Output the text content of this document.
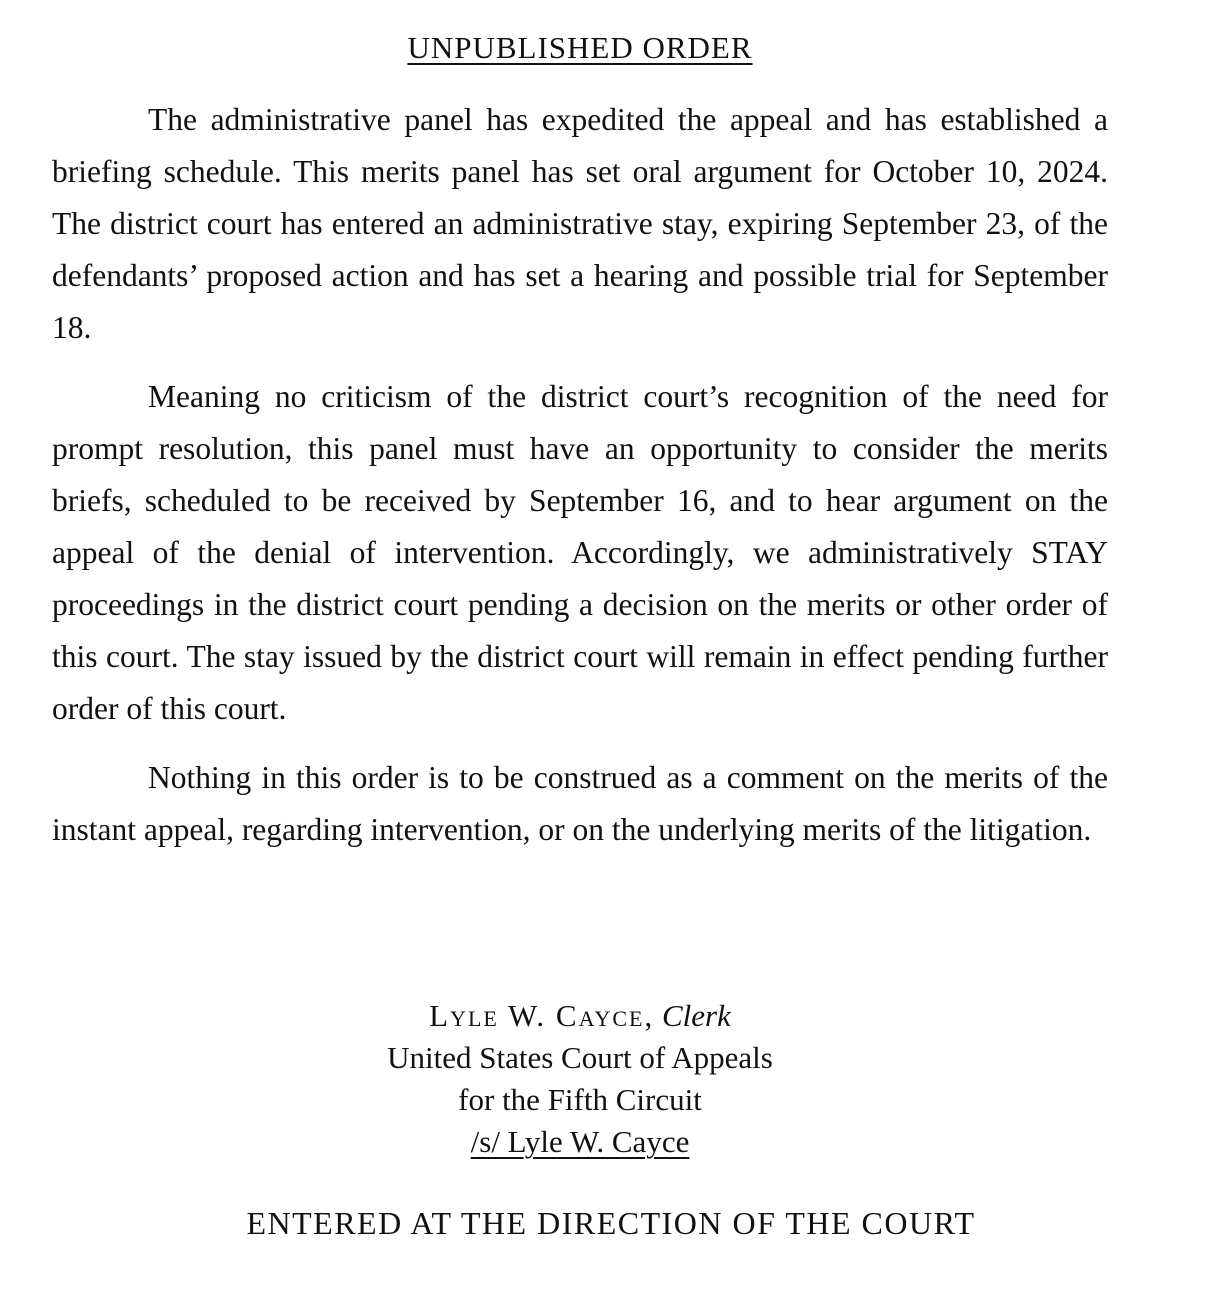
UNPUBLISHED ORDER

The administrative panel has expedited the appeal and has established a briefing schedule. This merits panel has set oral argument for October 10, 2024. The district court has entered an administrative stay, expiring September 23, of the defendants’ proposed action and has set a hearing and possible trial for September 18.

Meaning no criticism of the district court’s recognition of the need for prompt resolution, this panel must have an opportunity to consider the merits briefs, scheduled to be received by September 16, and to hear argument on the appeal of the denial of intervention. Accordingly, we administratively STAY proceedings in the district court pending a decision on the merits or other order of this court. The stay issued by the district court will remain in effect pending further order of this court.

Nothing in this order is to be construed as a comment on the merits of the instant appeal, regarding intervention, or on the underlying merits of the litigation.

Lyle W. Cayce, Clerk
United States Court of Appeals
for the Fifth Circuit
/s/ Lyle W. Cayce
ENTERED AT THE DIRECTION OF THE COURT
